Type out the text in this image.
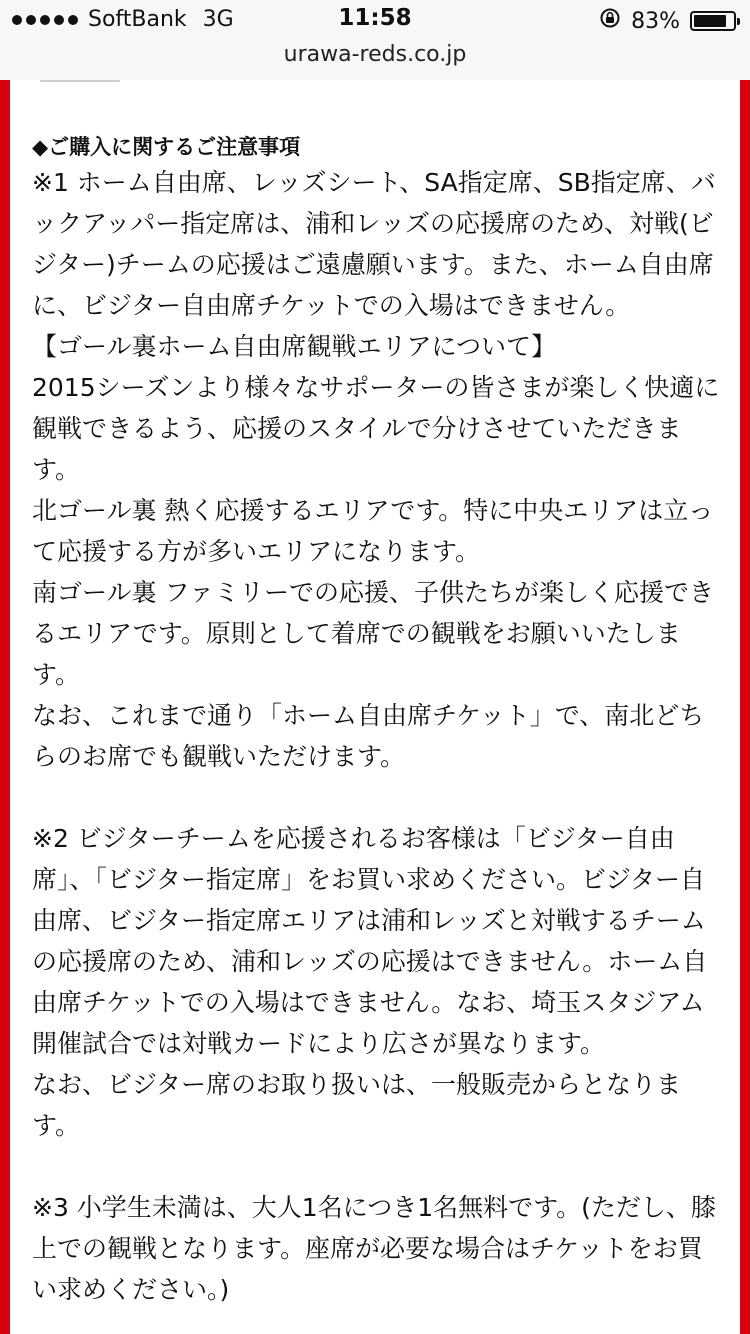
SoftBank 3G	11:58	83%
urawa-reds.co.jp
◆ご購入に関するご注意事項

※1 ホーム自由席、レッズシート、SA指定席、SB指定席、バックアッパー指定席は、浦和レッズの応援席のため、対戦(ビジター)チームの応援はご遠慮願います。また、ホーム自由席に、ビジター自由席チケットでの入場はできません。

【ゴール裏ホーム自由席観戦エリアについて】

2015シーズンより様々なサポーターの皆さまが楽しく快適に観戦できるよう、応援のスタイルで分けさせていただきます。

北ゴール裏 熱く応援するエリアです。特に中央エリアは立って応援する方が多いエリアになります。

南ゴール裏 ファミリーでの応援、子供たちが楽しく応援できるエリアです。原則として着席での観戦をお願いいたします。

なお、これまで通り「ホーム自由席チケット」で、南北どちらのお席でも観戦いただけます。

※2 ビジターチームを応援されるお客様は「ビジター自由席」、「ビジター指定席」をお買い求めください。ビジター自由席、ビジター指定席エリアは浦和レッズと対戦するチームの応援席のため、浦和レッズの応援はできません。ホーム自由席チケットでの入場はできません。なお、埼玉スタジアム開催試合では対戦カードにより広さが異なります。

なお、ビジター席のお取り扱いは、一般販売からとなります。

※3 小学生未満は、大人1名につき1名無料です。(ただし、膝上での観戦となります。座席が必要な場合はチケットをお買い求めください。)
